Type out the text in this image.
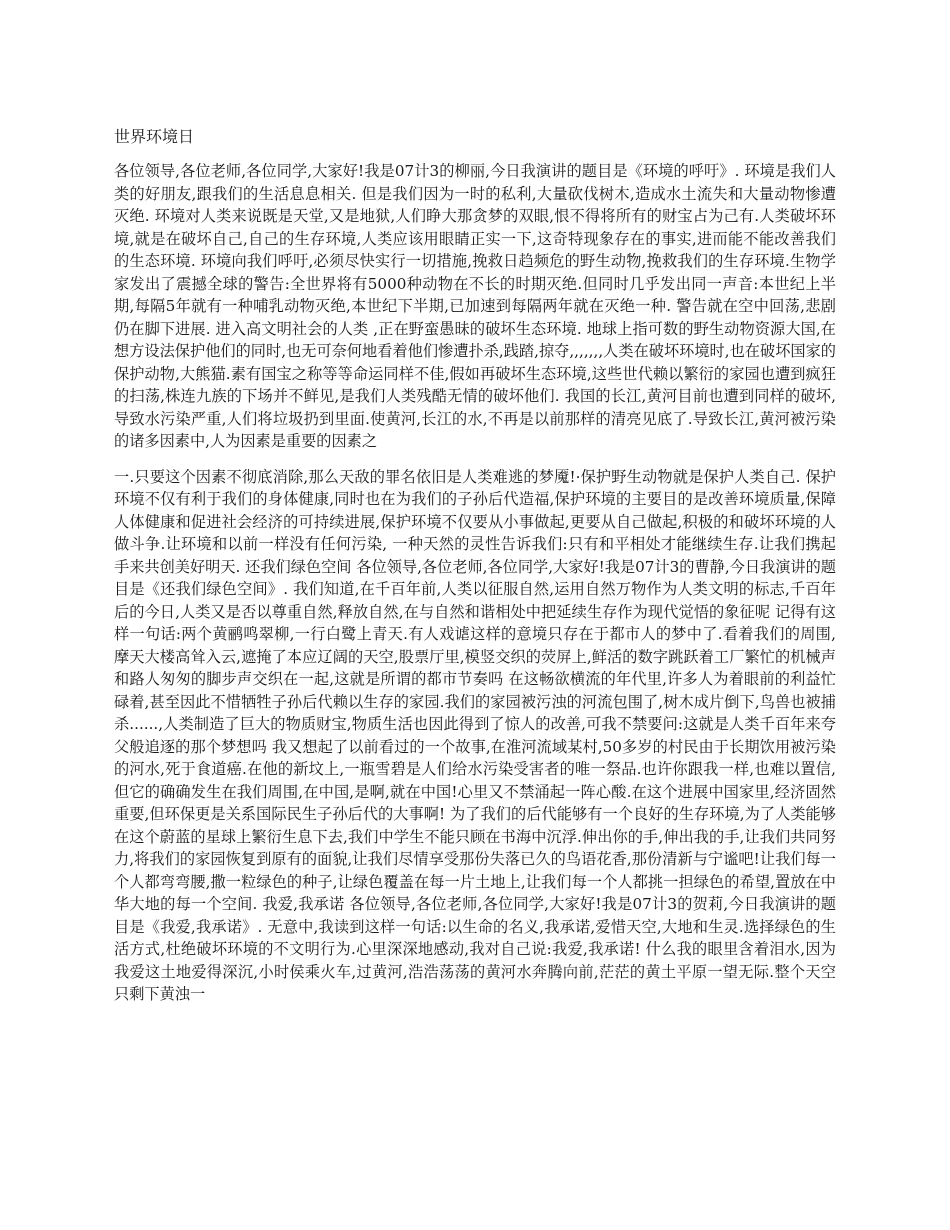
世界环境日

各位领导,各位老师,各位同学,大家好!我是07计3的柳丽,今日我演讲的题目是《环境的呼吁》. 环境是我们人类的好朋友,跟我们的生活息息相关. 但是我们因为一时的私利,大量砍伐树木,造成水土流失和大量动物惨遭灭绝. 环境对人类来说既是天堂,又是地狱,人们睁大那贪梦的双眼,恨不得将所有的财宝占为己有.人类破坏环境,就是在破坏自己,自己的生存环境,人类应该用眼睛正实一下,这奇特现象存在的事实,进而能不能改善我们的生态环境. 环境向我们呼吁,必须尽快实行一切措施,挽救日趋频危的野生动物,挽救我们的生存环境.生物学家发出了震撼全球的警告:全世界将有5000种动物在不长的时期灭绝.但同时几乎发出同一声音:本世纪上半期,每隔5年就有一种哺乳动物灭绝,本世纪下半期,已加速到每隔两年就在灭绝一种. 警告就在空中回荡,悲剧仍在脚下进展. 进入高文明社会的人类 ,正在野蛮愚昧的破坏生态环境. 地球上指可数的野生动物资源大国,在想方设法保护他们的同时,也无可奈何地看着他们惨遭扑杀,践踏,掠夺,,,,,,,人类在破坏环境时,也在破坏国家的保护动物,大熊猫.素有国宝之称等等命运同样不佳,假如再破坏生态环境,这些世代赖以繁衍的家园也遭到疯狂的扫荡,株连九族的下场并不鲜见,是我们人类残酷无情的破坏他们. 我国的长江,黄河目前也遭到同样的破坏,导致水污染严重,人们将垃圾扔到里面.使黄河,长江的水,不再是以前那样的清亮见底了.导致长江,黄河被污染的诸多因素中,人为因素是重要的因素之

一.只要这个因素不彻底消除,那么天敌的罪名依旧是人类难逃的梦魇!·保护野生动物就是保护人类自己. 保护环境不仅有利于我们的身体健康,同时也在为我们的子孙后代造福,保护环境的主要目的是改善环境质量,保障人体健康和促进社会经济的可持续进展,保护环境不仅要从小事做起,更要从自己做起,积极的和破坏环境的人做斗争.让环境和以前一样没有任何污染, 一种天然的灵性告诉我们:只有和平相处才能继续生存.让我们携起手来共创美好明天. 还我们绿色空间 各位领导,各位老师,各位同学,大家好!我是07计3的曹静,今日我演讲的题目是《还我们绿色空间》. 我们知道,在千百年前,人类以征服自然,运用自然万物作为人类文明的标志,千百年后的今日,人类又是否以尊重自然,释放自然,在与自然和谐相处中把延续生存作为现代觉悟的象征呢 记得有这样一句话:两个黄鹂鸣翠柳,一行白鹭上青天.有人戏谑这样的意境只存在于都市人的梦中了.看着我们的周围,摩天大楼高耸入云,遮掩了本应辽阔的天空,股票厅里,模竖交织的荧屏上,鲜活的数字跳跃着工厂繁忙的机械声和路人匆匆的脚步声交织在一起,这就是所谓的都市节奏吗 在这畅欲横流的年代里,许多人为着眼前的利益忙碌着,甚至因此不惜牺牲子孙后代赖以生存的家园.我们的家园被污浊的河流包围了,树木成片倒下,鸟兽也被捕杀......,人类制造了巨大的物质财宝,物质生活也因此得到了惊人的改善,可我不禁要问:这就是人类千百年来夸父般追逐的那个梦想吗 我又想起了以前看过的一个故事,在淮河流域某村,50多岁的村民由于长期饮用被污染的河水,死于食道癌.在他的新坟上,一瓶雪碧是人们给水污染受害者的唯一祭品.也许你跟我一样,也难以置信,但它的确确发生在我们周围,在中国,是啊,就在中国!心里又不禁涌起一阵心酸.在这个进展中国家里,经济固然重要,但环保更是关系国际民生子孙后代的大事啊! 为了我们的后代能够有一个良好的生存环境,为了人类能够在这个蔚蓝的星球上繁衍生息下去,我们中学生不能只顾在书海中沉浮.伸出你的手,伸出我的手,让我们共同努力,将我们的家园恢复到原有的面貌,让我们尽情享受那份失落已久的鸟语花香,那份清新与宁谧吧!让我们每一个人都弯弯腰,撒一粒绿色的种子,让绿色覆盖在每一片土地上,让我们每一个人都挑一担绿色的希望,置放在中华大地的每一个空间. 我爱,我承诺 各位领导,各位老师,各位同学,大家好!我是07计3的贺莉,今日我演讲的题目是《我爱,我承诺》. 无意中,我读到这样一句话:以生命的名义,我承诺,爱惜天空,大地和生灵.选择绿色的生活方式,杜绝破坏环境的不文明行为.心里深深地感动,我对自己说:我爱,我承诺! 什么我的眼里含着泪水,因为我爱这土地爱得深沉,小时侯乘火车,过黄河,浩浩荡荡的黄河水奔腾向前,茫茫的黄土平原一望无际.整个天空只剩下黄浊一
